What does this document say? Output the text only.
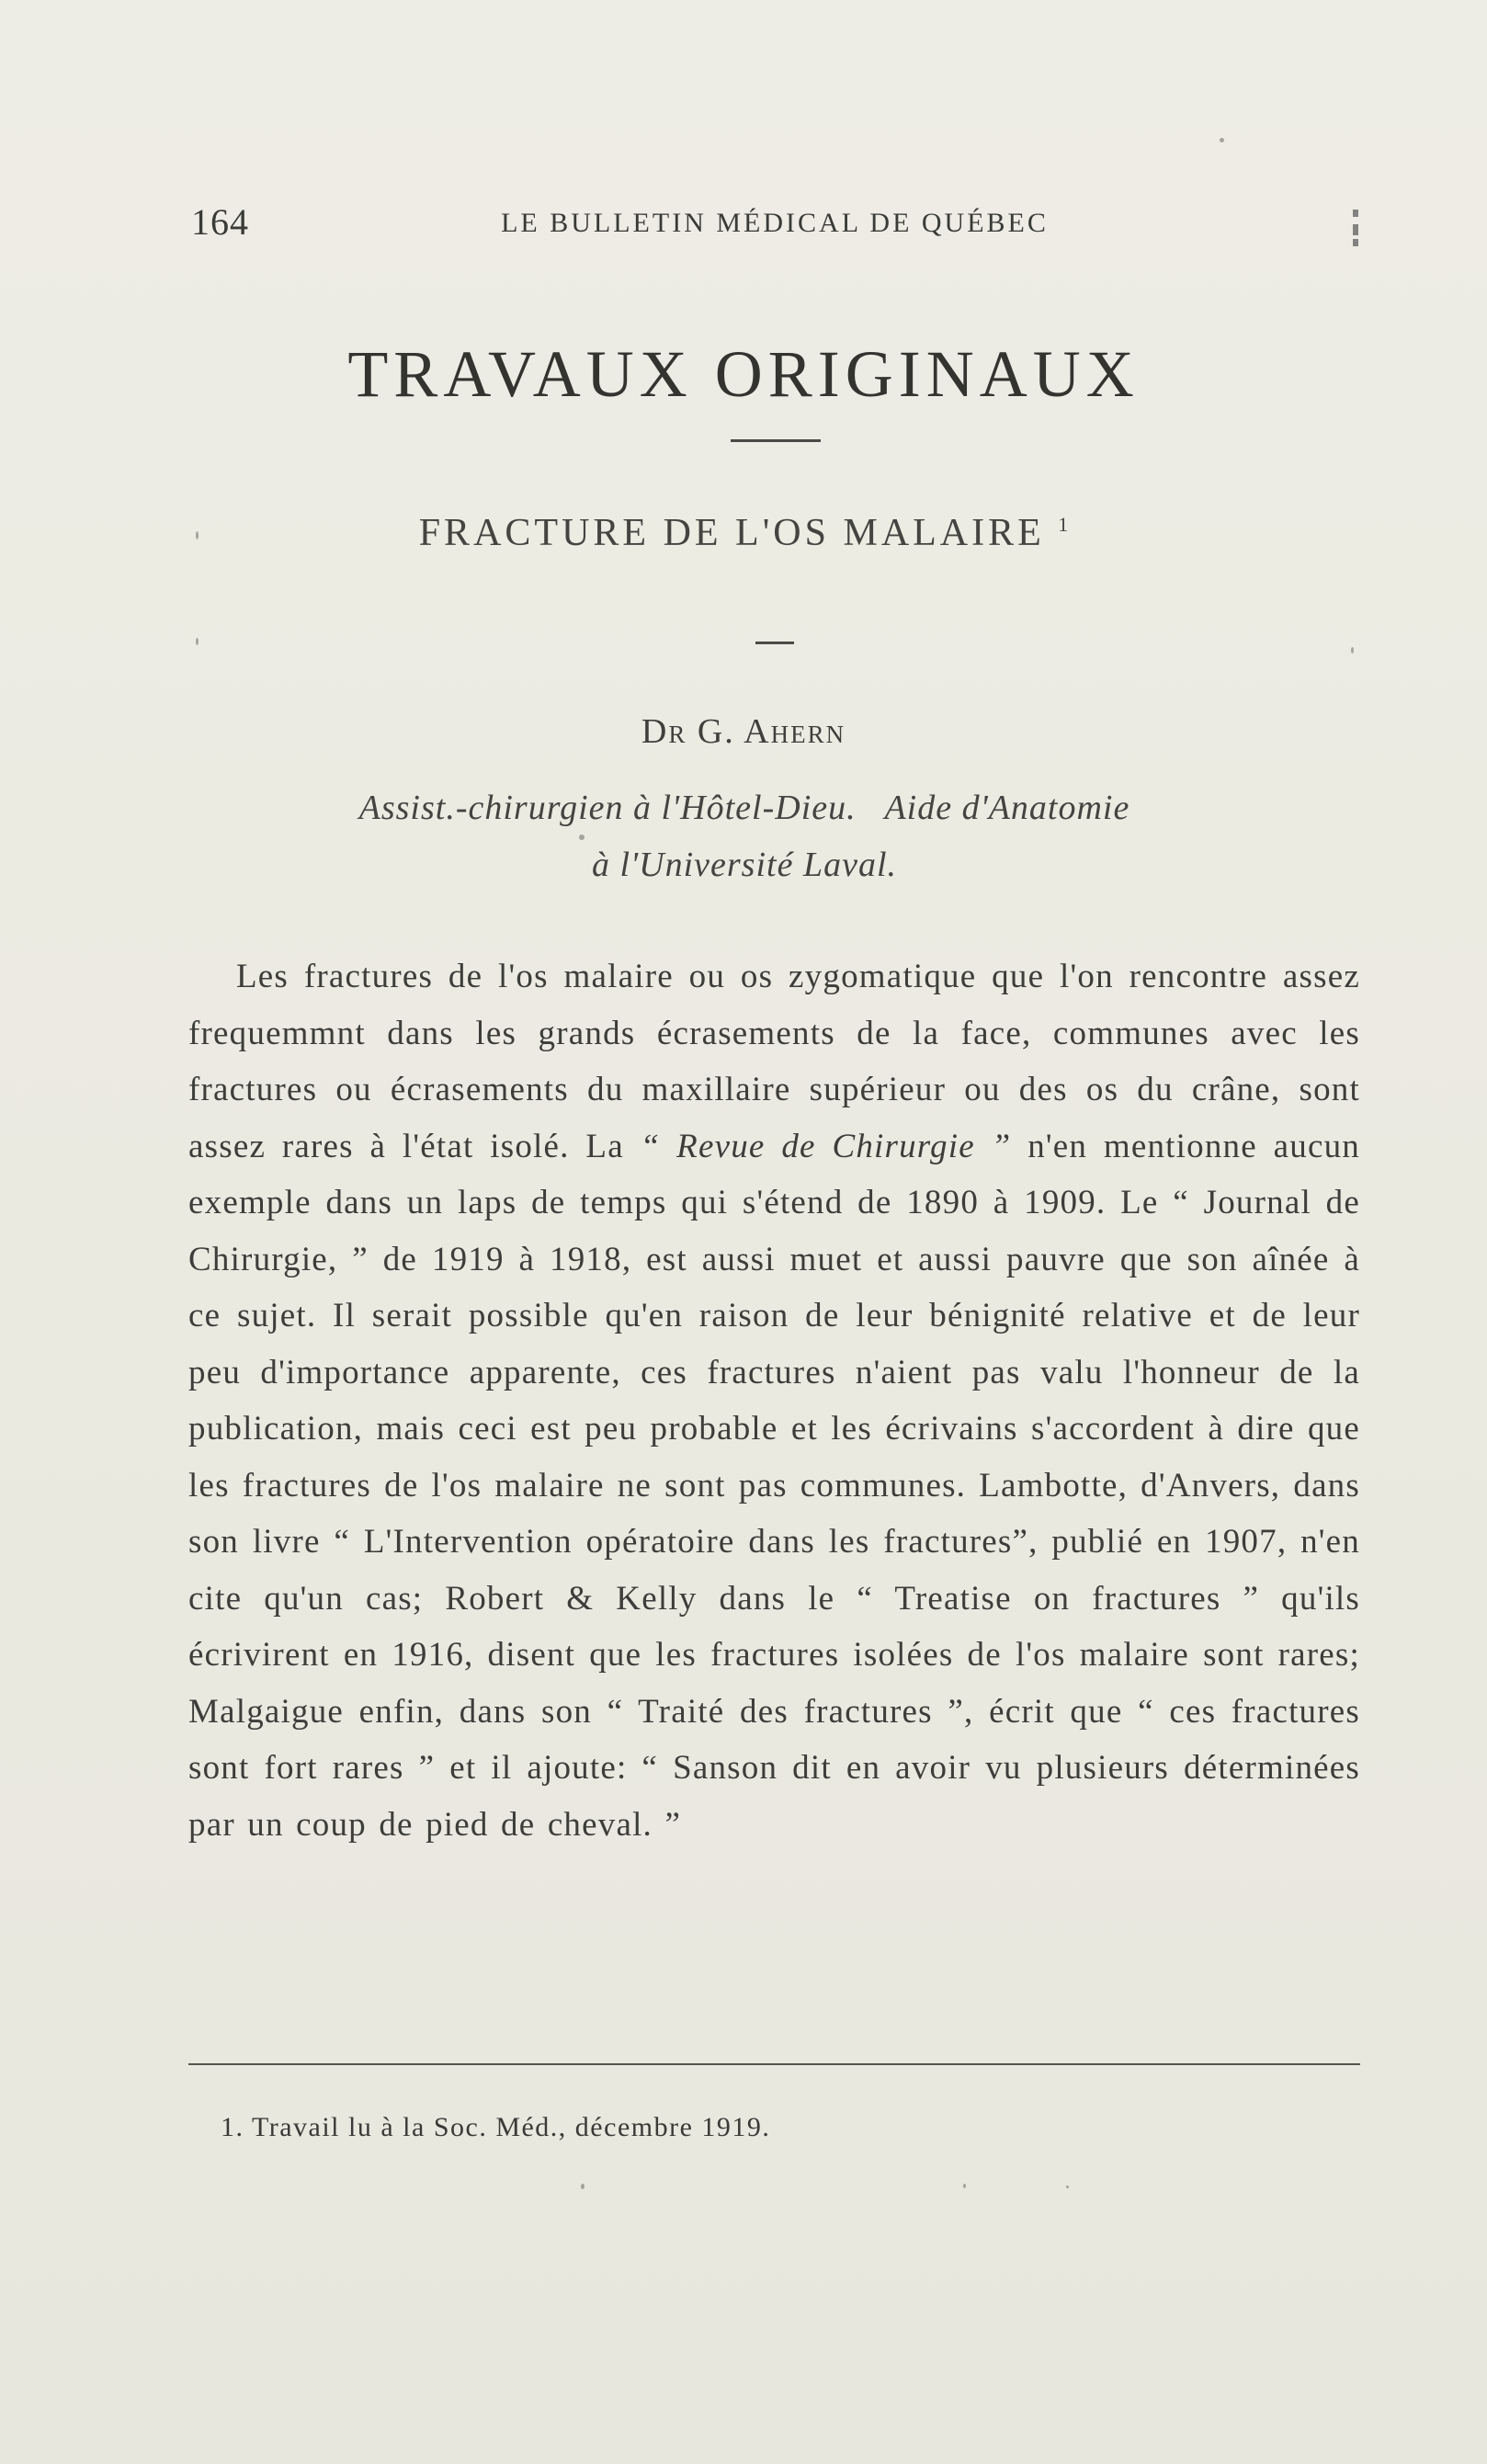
164	LE BULLETIN MÉDICAL DE QUÉBEC
TRAVAUX ORIGINAUX
FRACTURE DE L'OS MALAIRE $^1$
Dr G. Ahern
Assist.-chirurgien à l'Hôtel-Dieu.   Aide d'Anatomie
à l'Université Laval.

Les fractures de l'os malaire ou os zygomatique que l'on rencontre assez frequemmnt dans les grands écrasements de la face, communes avec les fractures ou écrasements du maxillaire supérieur ou des os du crâne, sont assez rares à l'état isolé. La “ Revue de Chirurgie ” n'en mentionne aucun exemple dans un laps de temps qui s'étend de 1890 à 1909. Le “ Journal de Chirurgie, ” de 1919 à 1918, est aussi muet et aussi pauvre que son aînée à ce sujet. Il serait possible qu'en raison de leur bénignité relative et de leur peu d'importance apparente, ces fractures n'aient pas valu l'honneur de la publication, mais ceci est peu probable et les écrivains s'accordent à dire que les fractures de l'os malaire ne sont pas communes. Lambotte, d'Anvers, dans son livre “ L'Intervention opératoire dans les fractures”, publié en 1907, n'en cite qu'un cas; Robert & Kelly dans le “ Treatise on fractures ” qu'ils écrivirent en 1916, disent que les fractures isolées de l'os malaire sont rares; Malgaigue enfin, dans son “ Traité des fractures ”, écrit que “ ces fractures sont fort rares ” et il ajoute: “ Sanson dit en avoir vu plusieurs déterminées par un coup de pied de cheval. ”

1. Travail lu à la Soc. Méd., décembre 1919.
